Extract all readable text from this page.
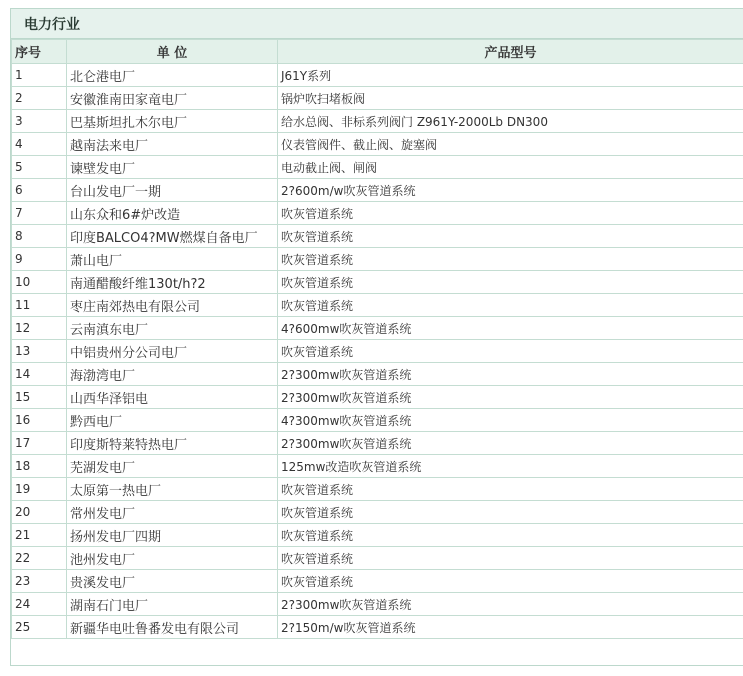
电力行业
序号	单 位	产品型号
1	北仑港电厂	J61Y系列
2	安徽淮南田家竜电厂	锅炉吹扫堵板阀
3	巴基斯坦扎木尔电厂	给水总阀、非标系列阀门 Z961Y-2000Lb DN300
4	越南法来电厂	仪表管阀件、截止阀、旋塞阀
5	谏壁发电厂	电动截止阀、闸阀
6	台山发电厂一期	2?600m/w吹灰管道系统
7	山东众和6#炉改造	吹灰管道系统
8	印度BALCO4?MW燃煤自备电厂	吹灰管道系统
9	萧山电厂	吹灰管道系统
10	南通醋酸纤维130t/h?2	吹灰管道系统
11	枣庄南郊热电有限公司	吹灰管道系统
12	云南滇东电厂	4?600mw吹灰管道系统
13	中铝贵州分公司电厂	吹灰管道系统
14	海渤湾电厂	2?300mw吹灰管道系统
15	山西华泽铝电	2?300mw吹灰管道系统
16	黔西电厂	4?300mw吹灰管道系统
17	印度斯特莱特热电厂	2?300mw吹灰管道系统
18	芜湖发电厂	125mw改造吹灰管道系统
19	太原第一热电厂	吹灰管道系统
20	常州发电厂	吹灰管道系统
21	扬州发电厂四期	吹灰管道系统
22	池州发电厂	吹灰管道系统
23	贵溪发电厂	吹灰管道系统
24	湖南石门电厂	2?300mw吹灰管道系统
25	新疆华电吐鲁番发电有限公司	2?150m/w吹灰管道系统
